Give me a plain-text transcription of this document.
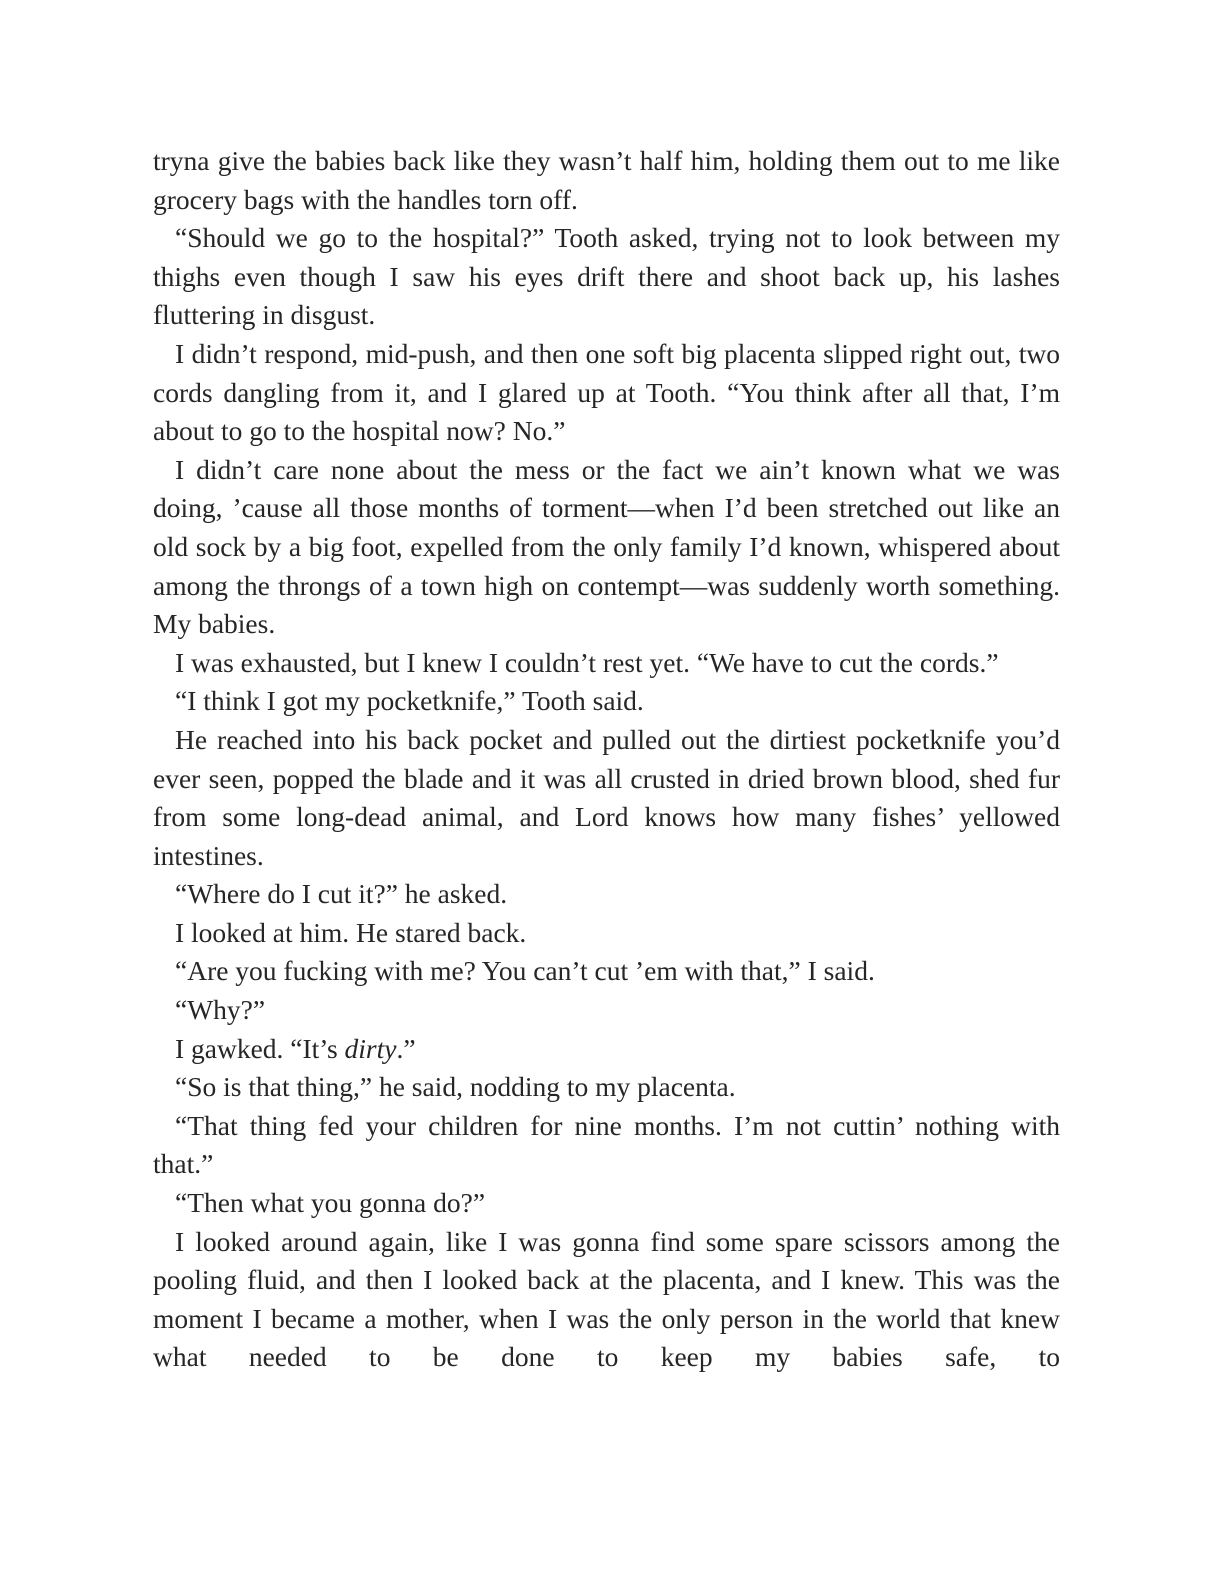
tryna give the babies back like they wasn’t half him, holding them out to me like grocery bags with the handles torn off.

“Should we go to the hospital?” Tooth asked, trying not to look between my thighs even though I saw his eyes drift there and shoot back up, his lashes fluttering in disgust.

I didn’t respond, mid-push, and then one soft big placenta slipped right out, two cords dangling from it, and I glared up at Tooth. “You think after all that, I’m about to go to the hospital now? No.”

I didn’t care none about the mess or the fact we ain’t known what we was doing, ’cause all those months of torment—when I’d been stretched out like an old sock by a big foot, expelled from the only family I’d known, whispered about among the throngs of a town high on contempt—was suddenly worth something. My babies.

I was exhausted, but I knew I couldn’t rest yet. “We have to cut the cords.”

“I think I got my pocketknife,” Tooth said.

He reached into his back pocket and pulled out the dirtiest pocketknife you’d ever seen, popped the blade and it was all crusted in dried brown blood, shed fur from some long-dead animal, and Lord knows how many fishes’ yellowed intestines.

“Where do I cut it?” he asked.

I looked at him. He stared back.

“Are you fucking with me? You can’t cut ’em with that,” I said.

“Why?”

I gawked. “It’s dirty.”

“So is that thing,” he said, nodding to my placenta.

“That thing fed your children for nine months. I’m not cuttin’ nothing with that.”

“Then what you gonna do?”

I looked around again, like I was gonna find some spare scissors among the pooling fluid, and then I looked back at the placenta, and I knew. This was the moment I became a mother, when I was the only person in the world that knew what needed to be done to keep my babies safe, to
